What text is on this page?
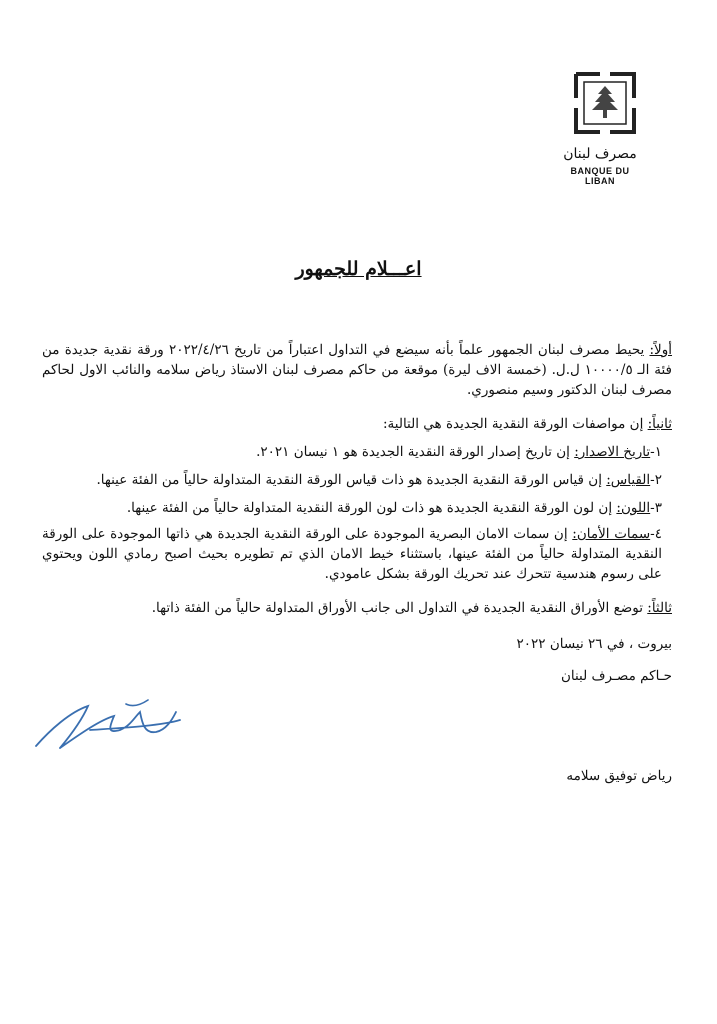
مصرف لبنان
BANQUE DU LIBAN
اعـــلام للجمهور
أولاً: يحيط مصرف لبنان الجمهور علماً بأنه سيضع في التداول اعتباراً من تاريخ ٢٠٢٢/٤/٢٦ ورقة نقدية جديدة من فئة الـ ١٠٠٠٠/٥ ل.ل. (خمسة الاف ليرة) موقعة من حاكم مصرف لبنان الاستاذ رياض سلامه والنائب الاول لحاكم مصرف لبنان الدكتور وسيم منصوري.
ثانياً: إن مواصفات الورقة النقدية الجديدة هي التالية:
١-تاريخ الاصدار: إن تاريخ إصدار الورقة النقدية الجديدة هو ١ نيسان ٢٠٢١.
٢-القياس: إن قياس الورقة النقدية الجديدة هو ذات قياس الورقة النقدية المتداولة حالياً من الفئة عينها.
٣-اللون: إن لون الورقة النقدية الجديدة هو ذات لون الورقة النقدية المتداولة حالياً من الفئة عينها.
٤-سمات الأمان: إن سمات الامان البصرية الموجودة على الورقة النقدية الجديدة هي ذاتها الموجودة على الورقة النقدية المتداولة حالياً من الفئة عينها، باستثناء خيط الامان الذي تم تطويره بحيث اصبح رمادي اللون ويحتوي على رسوم هندسية تتحرك عند تحريك الورقة بشكل عامودي.
ثالثاً: توضع الأوراق النقدية الجديدة في التداول الى جانب الأوراق المتداولة حالياً من الفئة ذاتها.
بيروت ، في ٢٦ نيسان ٢٠٢٢
حـاكم مصـرف لبنان
رياض توفيق سلامه
